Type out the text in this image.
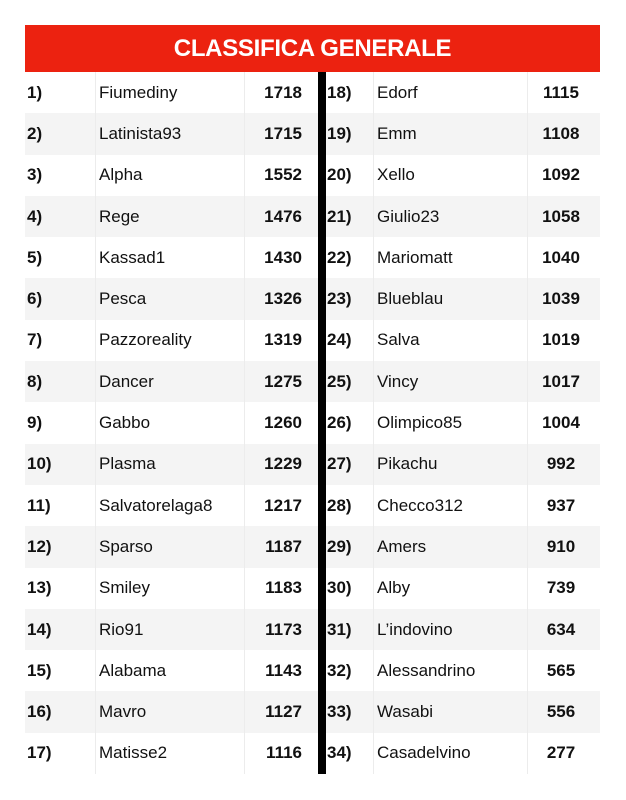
CLASSIFICA GENERALE
1)	Fiumediny	1718
2)	Latinista93	1715
3)	Alpha	1552
4)	Rege	1476
5)	Kassad1	1430
6)	Pesca	1326
7)	Pazzoreality	1319
8)	Dancer	1275
9)	Gabbo	1260
10)	Plasma	1229
11)	Salvatorelaga8	1217
12)	Sparso	1187
13)	Smiley	1183
14)	Rio91	1173
15)	Alabama	1143
16)	Mavro	1127
17)	Matisse2	1116
18)	Edorf	1115
19)	Emm	1108
20)	Xello	1092
21)	Giulio23	1058
22)	Mariomatt	1040
23)	Blueblau	1039
24)	Salva	1019
25)	Vincy	1017
26)	Olimpico85	1004
27)	Pikachu	992
28)	Checco312	937
29)	Amers	910
30)	Alby	739
31)	L’indovino	634
32)	Alessandrino	565
33)	Wasabi	556
34)	Casadelvino	277
